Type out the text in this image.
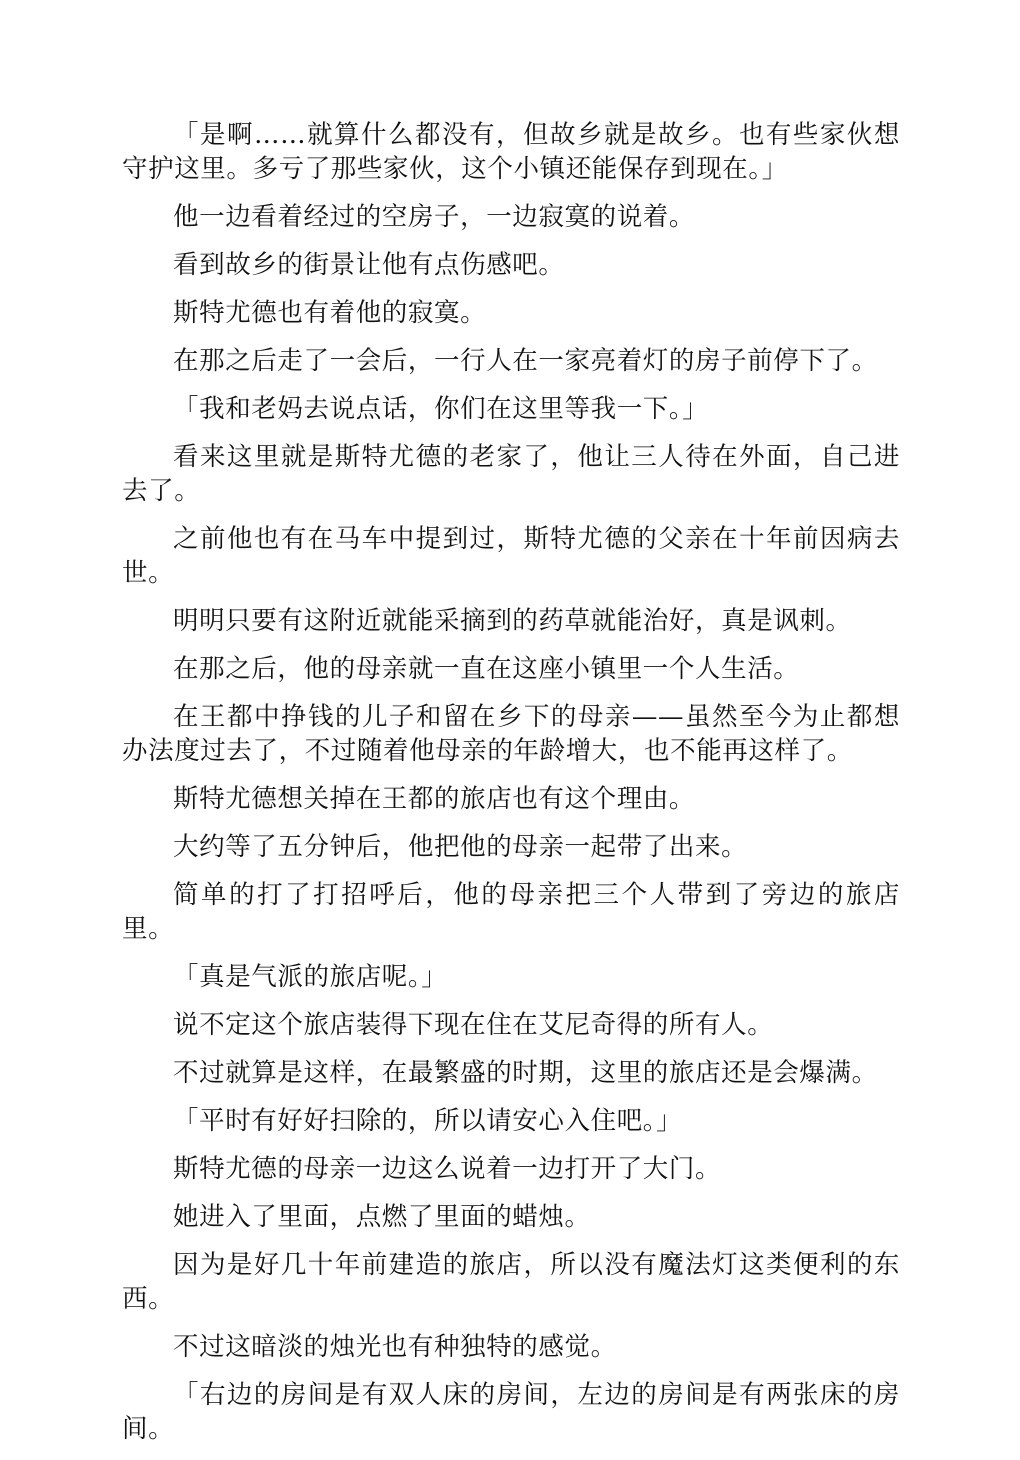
「是啊……就算什么都没有，但故乡就是故乡。也有些家伙想守护这里。多亏了那些家伙，这个小镇还能保存到现在。」

他一边看着经过的空房子，一边寂寞的说着。

看到故乡的街景让他有点伤感吧。

斯特尤德也有着他的寂寞。

在那之后走了一会后，一行人在一家亮着灯的房子前停下了。

「我和老妈去说点话，你们在这里等我一下。」

看来这里就是斯特尤德的老家了，他让三人待在外面，自己进去了。

之前他也有在马车中提到过，斯特尤德的父亲在十年前因病去世。

明明只要有这附近就能采摘到的药草就能治好，真是讽刺。

在那之后，他的母亲就一直在这座小镇里一个人生活。

在王都中挣钱的儿子和留在乡下的母亲——虽然至今为止都想办法度过去了，不过随着他母亲的年龄增大，也不能再这样了。

斯特尤德想关掉在王都的旅店也有这个理由。

大约等了五分钟后，他把他的母亲一起带了出来。

简单的打了打招呼后，他的母亲把三个人带到了旁边的旅店里。

「真是气派的旅店呢。」

说不定这个旅店装得下现在住在艾尼奇得的所有人。

不过就算是这样，在最繁盛的时期，这里的旅店还是会爆满。

「平时有好好扫除的，所以请安心入住吧。」

斯特尤德的母亲一边这么说着一边打开了大门。

她进入了里面，点燃了里面的蜡烛。

因为是好几十年前建造的旅店，所以没有魔法灯这类便利的东西。

不过这暗淡的烛光也有种独特的感觉。

「右边的房间是有双人床的房间，左边的房间是有两张床的房间。
